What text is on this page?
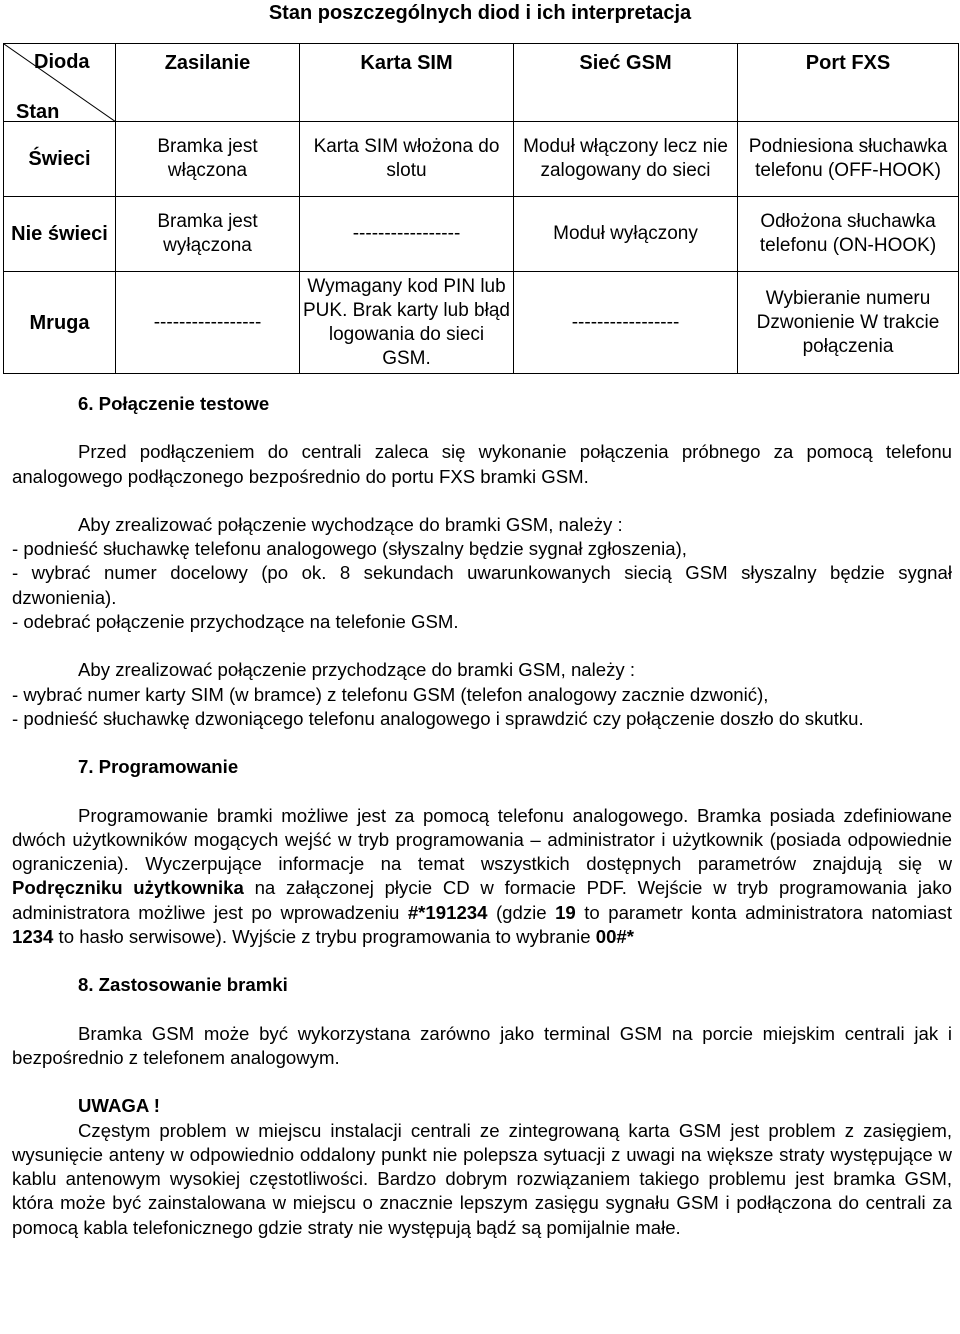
Stan poszczególnych diod i ich interpretacja
Dioda
Stan	Zasilanie	Karta SIM	Sieć GSM	Port FXS
Świeci	Bramka jest włączona	Karta SIM włożona do slotu	Moduł włączony lecz nie zalogowany do sieci	Podniesiona słuchawka telefonu (OFF-HOOK)
Nie świeci	Bramka jest wyłączona	-----------------	Moduł wyłączony	Odłożona słuchawka telefonu (ON-HOOK)
Mruga	-----------------	Wymagany kod PIN lub PUK. Brak karty lub błąd logowania do sieci GSM.	-----------------	Wybieranie numeru Dzwonienie W trakcie połączenia

6. Połączenie testowe

Przed podłączeniem do centrali zaleca się wykonanie połączenia próbnego za pomocą telefonu analogowego podłączonego bezpośrednio do portu FXS bramki GSM.

Aby zrealizować połączenie wychodzące do bramki GSM, należy :

- podnieść słuchawkę telefonu analogowego (słyszalny będzie sygnał zgłoszenia),

- wybrać numer docelowy (po ok. 8 sekundach uwarunkowanych siecią GSM słyszalny będzie sygnał dzwonienia).

- odebrać połączenie przychodzące na telefonie GSM.

Aby zrealizować połączenie przychodzące do bramki GSM, należy :

- wybrać numer karty SIM (w bramce) z telefonu GSM (telefon analogowy zacznie dzwonić),

- podnieść słuchawkę dzwoniącego telefonu analogowego i sprawdzić czy połączenie doszło do skutku.

7. Programowanie

Programowanie bramki możliwe jest za pomocą telefonu analogowego. Bramka posiada zdefiniowane dwóch użytkowników mogących wejść w tryb programowania – administrator i użytkownik (posiada odpowiednie ograniczenia). Wyczerpujące informacje na temat wszystkich dostępnych parametrów znajdują się w Podręczniku użytkownika na załączonej płycie CD w formacie PDF. Wejście w tryb programowania jako administratora możliwe jest po wprowadzeniu #*191234 (gdzie 19 to parametr konta administratora natomiast 1234 to hasło serwisowe). Wyjście z trybu programowania to wybranie 00#*

8. Zastosowanie bramki

Bramka GSM może być wykorzystana zarówno jako terminal GSM na porcie miejskim centrali jak i bezpośrednio z telefonem analogowym.

UWAGA !

Częstym problem w miejscu instalacji centrali ze zintegrowaną karta GSM jest problem z zasięgiem, wysunięcie anteny w odpowiednio oddalony punkt nie polepsza sytuacji z uwagi na większe straty występujące w kablu antenowym wysokiej częstotliwości. Bardzo dobrym rozwiązaniem takiego problemu jest bramka GSM, która może być zainstalowana w miejscu o znacznie lepszym zasięgu sygnału GSM i podłączona do centrali za pomocą kabla telefonicznego gdzie straty nie występują bądź są pomijalnie małe.
